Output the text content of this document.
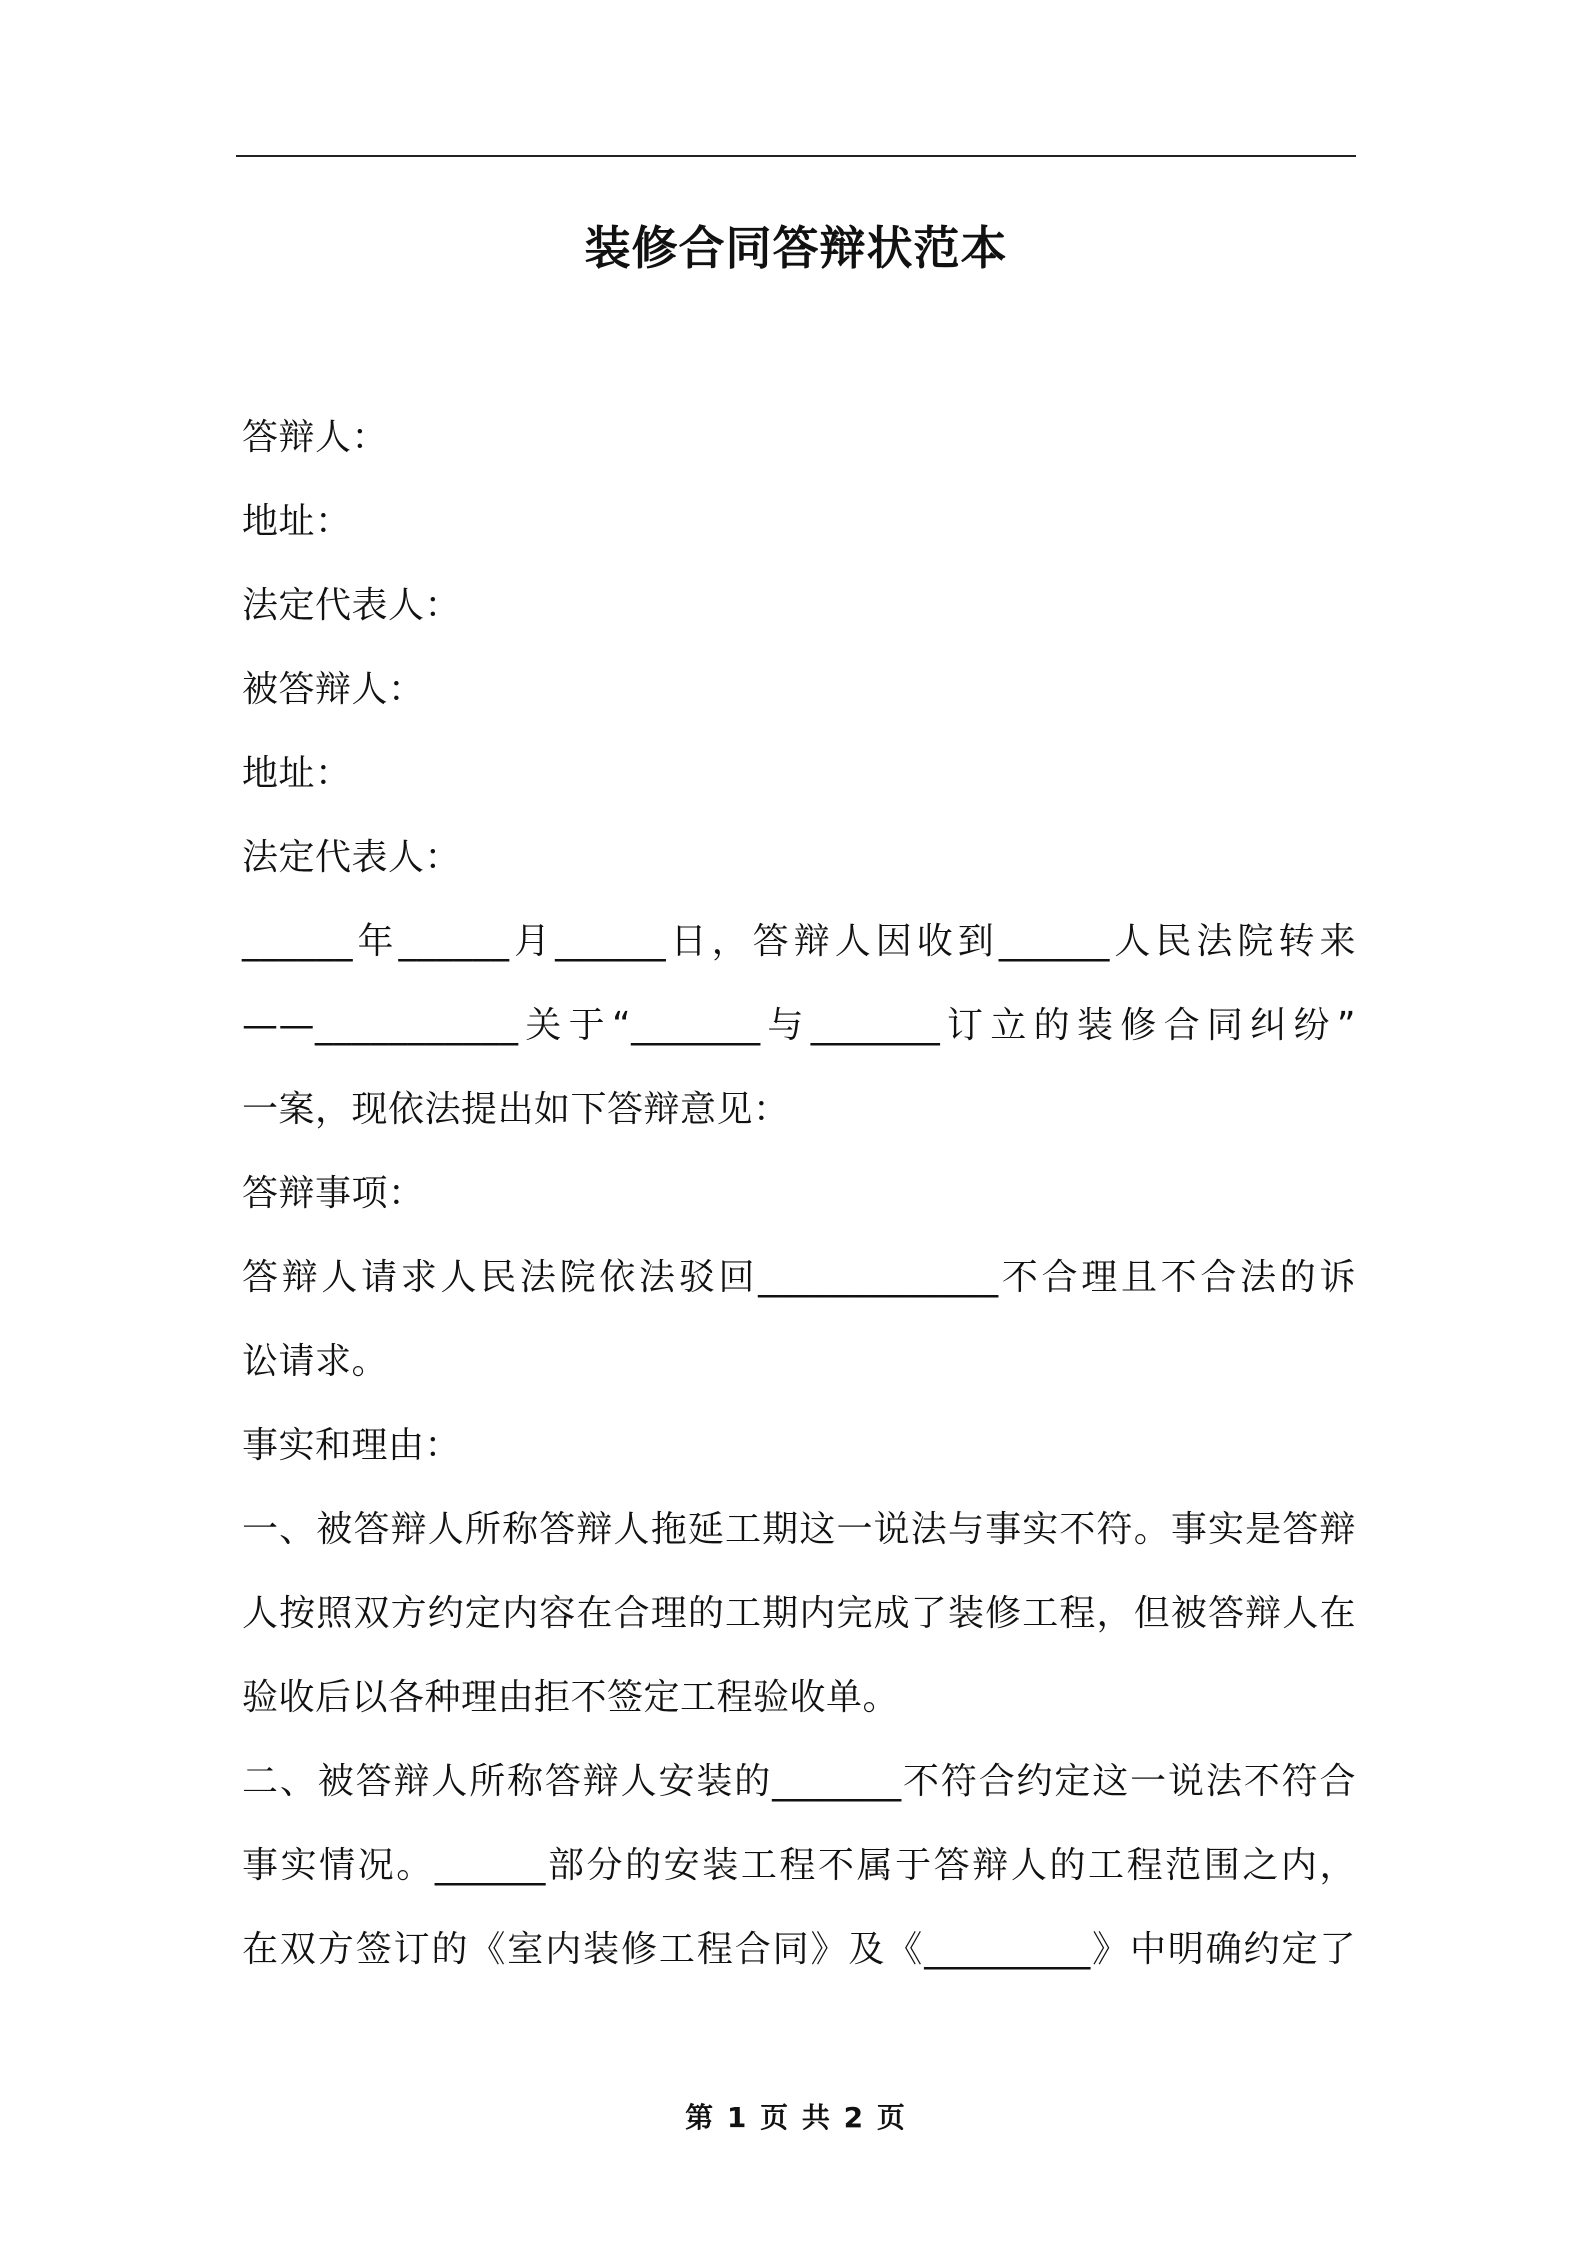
装修合同答辩状范本
答辩人：
地址：
法定代表人：
被答辩人：
地址：
法定代表人：
______年______月______日，答辩人因收到______人民法院转来
——___________关于“_______与_______订立的装修合同纠纷”
一案，现依法提出如下答辩意见：
答辩事项：
答辩人请求人民法院依法驳回_____________不合理且不合法的诉
讼请求。
事实和理由：
一、被答辩人所称答辩人拖延工期这一说法与事实不符。事实是答辩
人按照双方约定内容在合理的工期内完成了装修工程，但被答辩人在
验收后以各种理由拒不签定工程验收单。
二、被答辩人所称答辩人安装的_______不符合约定这一说法不符合
事实情况。______部分的安装工程不属于答辩人的工程范围之内，
在双方签订的《室内装修工程合同》及《_________》中明确约定了
第 1 页 共 2 页
